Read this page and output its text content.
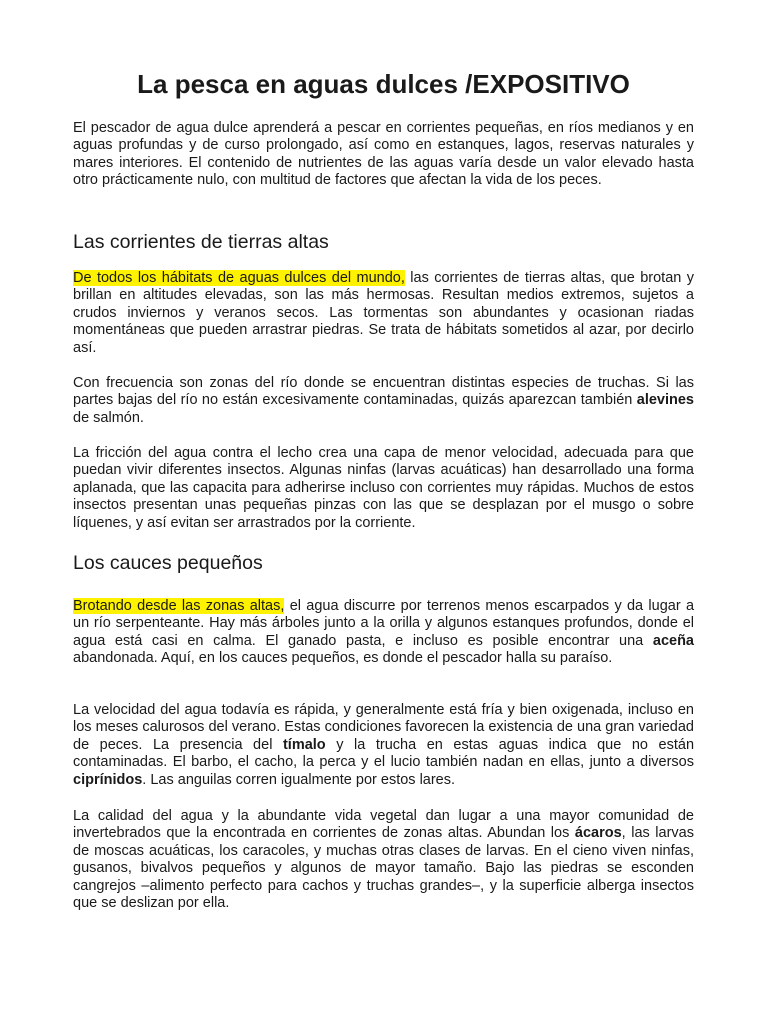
La pesca en aguas dulces /EXPOSITIVO

El pescador de agua dulce aprenderá a pescar en corrientes pequeñas, en ríos medianos y en aguas profundas y de curso prolongado, así como en estanques, lagos, reservas naturales y mares interiores. El contenido de nutrientes de las aguas varía desde un valor elevado hasta otro prácticamente nulo, con multitud de factores que afectan la vida de los peces.

Las corrientes de tierras altas

De todos los hábitats de aguas dulces del mundo, las corrientes de tierras altas, que brotan y brillan en altitudes elevadas, son las más hermosas. Resultan medios extremos, sujetos a crudos inviernos y veranos secos. Las tormentas son abundantes y ocasionan riadas momentáneas que pueden arrastrar piedras. Se trata de hábitats sometidos al azar, por decirlo así.

Con frecuencia son zonas del río donde se encuentran distintas especies de truchas. Si las partes bajas del río no están excesivamente contaminadas, quizás aparezcan también alevines de salmón.

La fricción del agua contra el lecho crea una capa de menor velocidad, adecuada para que puedan vivir diferentes insectos. Algunas ninfas (larvas acuáticas) han desarrollado una forma aplanada, que las capacita para adherirse incluso con corrientes muy rápidas. Muchos de estos insectos presentan unas pequeñas pinzas con las que se desplazan por el musgo o sobre líquenes, y así evitan ser arrastrados por la corriente.

Los cauces pequeños

Brotando desde las zonas altas, el agua discurre por terrenos menos escarpados y da lugar a un río serpenteante. Hay más árboles junto a la orilla y algunos estanques profundos, donde el agua está casi en calma. El ganado pasta, e incluso es posible encontrar una aceña abandonada. Aquí, en los cauces pequeños, es donde el pescador halla su paraíso.

La velocidad del agua todavía es rápida, y generalmente está fría y bien oxigenada, incluso en los meses calurosos del verano. Estas condiciones favorecen la existencia de una gran variedad de peces. La presencia del tímalo y la trucha en estas aguas indica que no están contaminadas. El barbo, el cacho, la perca y el lucio también nadan en ellas, junto a diversos ciprínidos. Las anguilas corren igualmente por estos lares.

La calidad del agua y la abundante vida vegetal dan lugar a una mayor comunidad de invertebrados que la encontrada en corrientes de zonas altas. Abundan los ácaros, las larvas de moscas acuáticas, los caracoles, y muchas otras clases de larvas. En el cieno viven ninfas, gusanos, bivalvos pequeños y algunos de mayor tamaño. Bajo las piedras se esconden cangrejos –alimento perfecto para cachos y truchas grandes–, y la superficie alberga insectos que se deslizan por ella.
